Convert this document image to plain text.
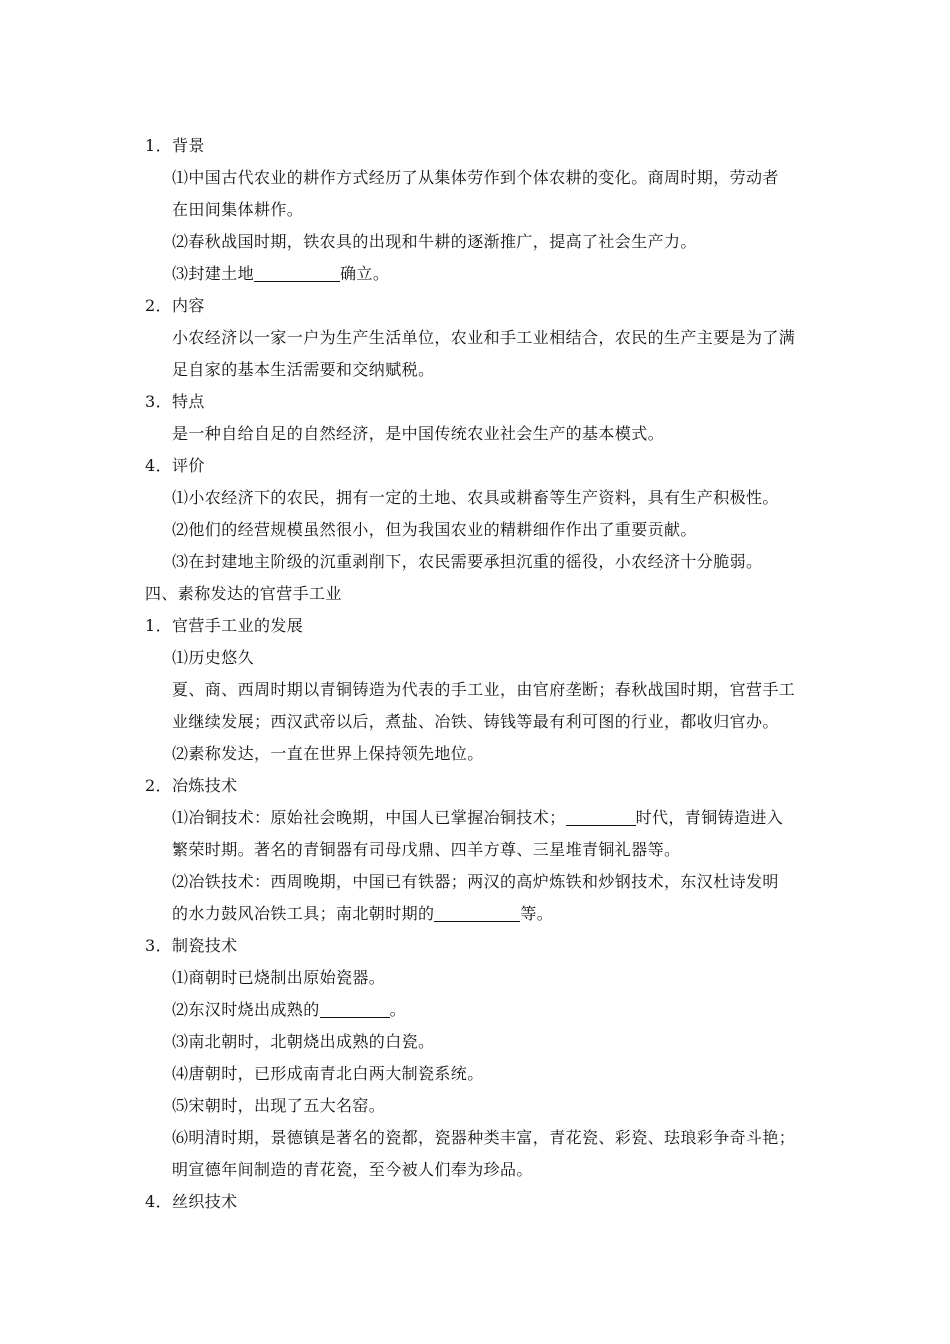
1．背景
⑴中国古代农业的耕作方式经历了从集体劳作到个体农耕的变化。商周时期，劳动者
在田间集体耕作。
⑵春秋战国时期，铁农具的出现和牛耕的逐渐推广，提高了社会生产力。
⑶封建土地	确立。
2．内容
小农经济以一家一户为生产生活单位，农业和手工业相结合，农民的生产主要是为了满
足自家的基本生活需要和交纳赋税。
3．特点
是一种自给自足的自然经济，是中国传统农业社会生产的基本模式。
4．评价
⑴小农经济下的农民，拥有一定的土地、农具或耕畜等生产资料，具有生产积极性。
⑵他们的经营规模虽然很小，但为我国农业的精耕细作作出了重要贡献。
⑶在封建地主阶级的沉重剥削下，农民需要承担沉重的徭役，小农经济十分脆弱。
四、素称发达的官营手工业
1．官营手工业的发展
⑴历史悠久
夏、商、西周时期以青铜铸造为代表的手工业，由官府垄断；春秋战国时期，官营手工
业继续发展；西汉武帝以后，煮盐、冶铁、铸钱等最有利可图的行业，都收归官办。
⑵素称发达，一直在世界上保持领先地位。
2．冶炼技术
⑴冶铜技术：原始社会晚期，中国人已掌握冶铜技术；	时代，青铜铸造进入
繁荣时期。著名的青铜器有司母戊鼎、四羊方尊、三星堆青铜礼器等。
⑵冶铁技术：西周晚期，中国已有铁器；两汉的高炉炼铁和炒钢技术，东汉杜诗发明
的水力鼓风冶铁工具；南北朝时期的	等。
3．制瓷技术
⑴商朝时已烧制出原始瓷器。
⑵东汉时烧出成熟的	。
⑶南北朝时，北朝烧出成熟的白瓷。
⑷唐朝时，已形成南青北白两大制瓷系统。
⑸宋朝时，出现了五大名窑。
⑹明清时期，景德镇是著名的瓷都，瓷器种类丰富，青花瓷、彩瓷、珐琅彩争奇斗艳；
明宣德年间制造的青花瓷，至今被人们奉为珍品。
4．丝织技术
